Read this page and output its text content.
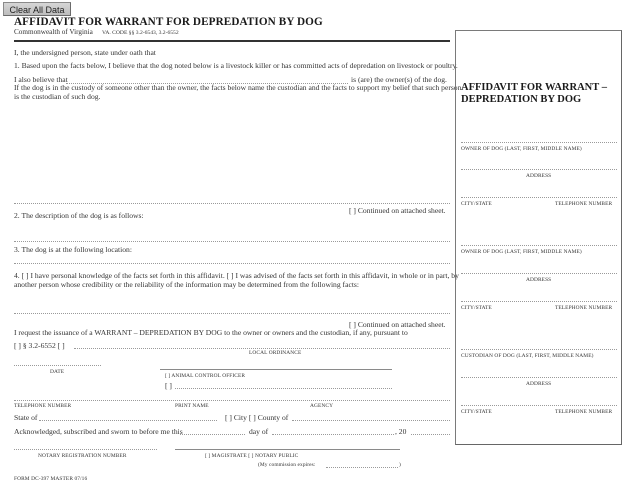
Clear All Data
AFFIDAVIT FOR WARRANT FOR DEPREDATION BY DOG
Commonwealth of Virginia VA. CODE §§ 3.2-6543, 3.2-6552
I, the undersigned person, state under oath that
1. Based upon the facts below, I believe that the dog noted below is a livestock killer or has committed acts of depredation on livestock or poultry.
I also believe that	is (are) the owner(s) of the dog.
If the dog is in the custody of someone other than the owner, the facts below name the custodian and the facts to support my belief that such person
is the custodian of such dog.
[ ] Continued on attached sheet.
2. The description of the dog is as follows:
3. The dog is at the following location:
4. [ ] I have personal knowledge of the facts set forth in this affidavit. [ ] I was advised of the facts set forth in this affidavit, in whole or in part, by
another person whose credibility or the reliability of the information may be determined from the following facts:
[ ] Continued on attached sheet.
I request the issuance of a WARRANT – DEPREDATION BY DOG to the owner or owners and the custodian, if any, pursuant to
[ ] § 3.2-6552 [ ]
LOCAL ORDINANCE
DATE
[ ] ANIMAL CONTROL OFFICER
[ ]
TELEPHONE NUMBER	PRINT NAME	AGENCY
State of	[ ] City [ ] County of
Acknowledged, subscribed and sworn to before me this	day of	, 20
NOTARY REGISTRATION NUMBER	[ ] MAGISTRATE [ ] NOTARY PUBLIC
(My commission expires:	)
FORM DC-397 MASTER 07/16
AFFIDAVIT FOR WARRANT –
DEPREDATION BY DOG
OWNER OF DOG (LAST, FIRST, MIDDLE NAME)
ADDRESS
CITY/STATE	TELEPHONE NUMBER
OWNER OF DOG (LAST, FIRST, MIDDLE NAME)
ADDRESS
CITY/STATE	TELEPHONE NUMBER
CUSTODIAN OF DOG (LAST, FIRST, MIDDLE NAME)
ADDRESS
CITY/STATE	TELEPHONE NUMBER
